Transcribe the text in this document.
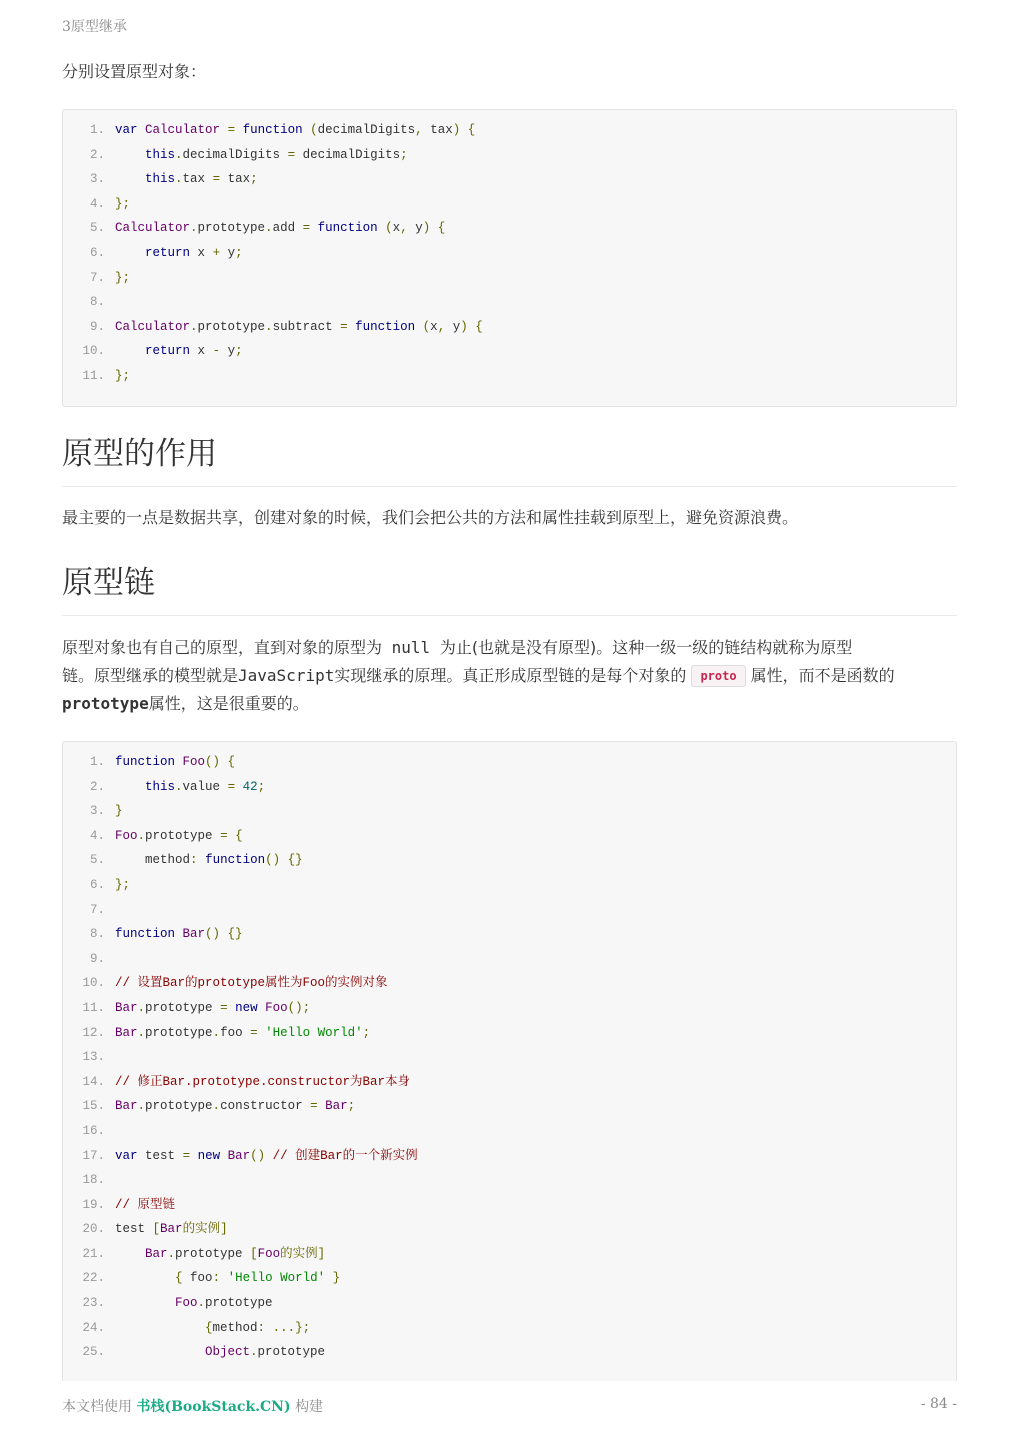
3原型继承

分别设置原型对象：

1. var Calculator = function (decimalDigits, tax) {
2.	this.decimalDigits = decimalDigits;
3.	this.tax = tax;
4. };
5. Calculator.prototype.add = function (x, y) {
6.	return x + y;
7. };
8.
9. Calculator.prototype.subtract = function (x, y) {
10.	return x - y;
11. };
原型的作用

最主要的一点是数据共享，创建对象的时候，我们会把公共的方法和属性挂载到原型上，避免资源浪费。

原型链

原型对象也有自己的原型，直到对象的原型为 null 为止(也就是没有原型)。这种一级一级的链结构就称为原型
链。原型继承的模型就是JavaScript实现继承的原理。真正形成原型链的是每个对象的 proto 属性，而不是函数的
prototype属性，这是很重要的。

1. function Foo() {
2.	this.value = 42;
3. }
4. Foo.prototype = {
5.	method: function() {}
6. };
7.
8. function Bar() {}
9.
10. // 设置Bar的prototype属性为Foo的实例对象
11. Bar.prototype = new Foo();
12. Bar.prototype.foo = 'Hello World';
13.
14. // 修正Bar.prototype.constructor为Bar本身
15. Bar.prototype.constructor = Bar;
16.
17. var test = new Bar() // 创建Bar的一个新实例
18.
19. // 原型链
20. test [Bar的实例]
21.	Bar.prototype [Foo的实例]
22.	{ foo: 'Hello World' }
23.	Foo.prototype
24.	{method: ...};
25.	Object.prototype
本文档使用 书栈(BookStack.CN) 构建	- 84 -
